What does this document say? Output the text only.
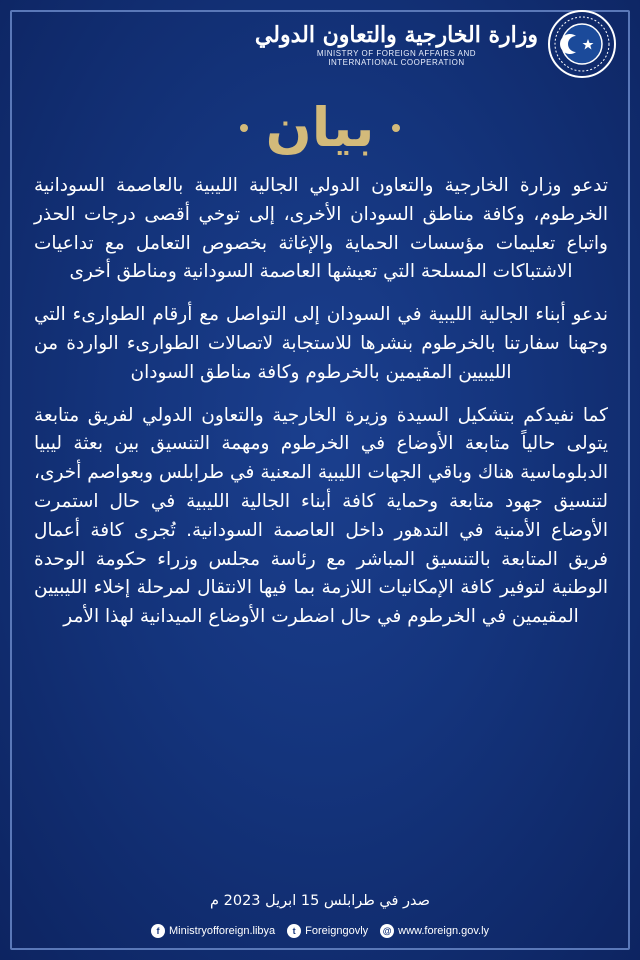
وزارة الخارجية والتعاون الدولي
MINISTRY OF FOREIGN AFFAIRS AND INTERNATIONAL COOPERATION
بيان

تدعو وزارة الخارجية والتعاون الدولي الجالية الليبية بالعاصمة السودانية الخرطوم، وكافة مناطق السودان الأخرى، إلى توخي أقصى درجات الحذر واتباع تعليمات مؤسسات الحماية والإغاثة بخصوص التعامل مع تداعيات الاشتباكات المسلحة التي تعيشها العاصمة السودانية ومناطق أخرى

ندعو أبناء الجالية الليبية في السودان إلى التواصل مع أرقام الطوارىء التي وجهنا سفارتنا بالخرطوم بنشرها للاستجابة لاتصالات الطوارىء الواردة من الليبيين المقيمين بالخرطوم وكافة مناطق السودان

كما نفيدكم بتشكيل السيدة وزيرة الخارجية والتعاون الدولي لفريق متابعة يتولى حالياً متابعة الأوضاع في الخرطوم ومهمة التنسيق بين بعثة ليبيا الدبلوماسية هناك وباقي الجهات الليبية المعنية في طرابلس وبعواصم أخرى، لتنسيق جهود متابعة وحماية كافة أبناء الجالية الليبية في حال استمرت الأوضاع الأمنية في التدهور داخل العاصمة السودانية. تُجرى كافة أعمال فريق المتابعة بالتنسيق المباشر مع رئاسة مجلس وزراء حكومة الوحدة الوطنية لتوفير كافة الإمكانيات اللازمة بما فيها الانتقال لمرحلة إخلاء الليبيين المقيمين في الخرطوم في حال اضطرت الأوضاع الميدانية لهذا الأمر

صدر في طرابلس 15 ابريل 2023 م
f Ministryofforeign.libya	t Foreigngovly @ www.foreign.gov.ly
